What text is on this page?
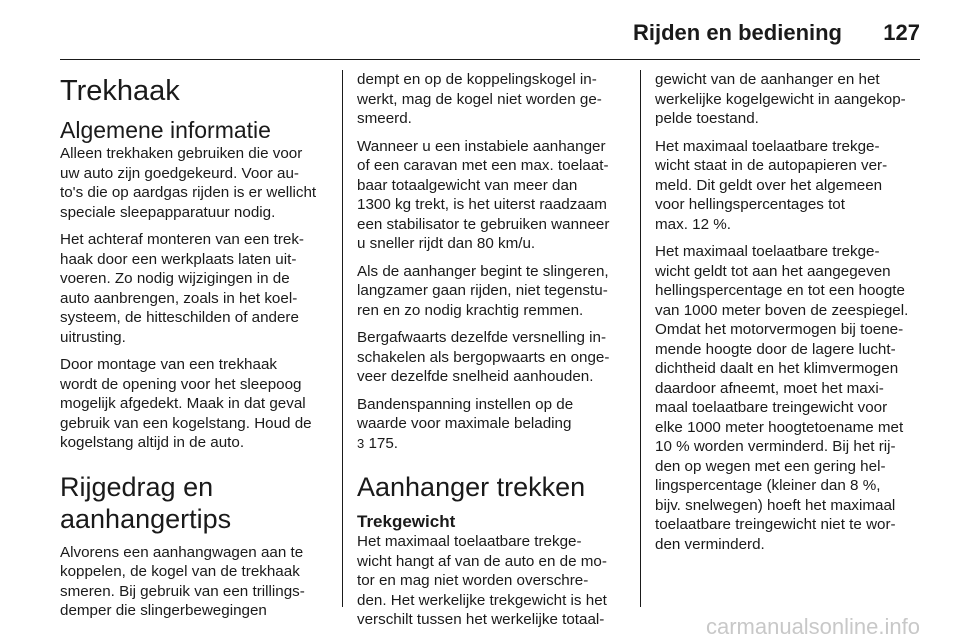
Rijden en bediening 127
Trekhaak
Algemene informatie

Alleen trekhaken gebruiken die voor
uw auto zijn goedgekeurd. Voor au-
to's die op aardgas rijden is er wellicht
speciale sleepapparatuur nodig.

Het achteraf monteren van een trek-
haak door een werkplaats laten uit-
voeren. Zo nodig wijzigingen in de
auto aanbrengen, zoals in het koel-
systeem, de hitteschilden of andere
uitrusting.

Door montage van een trekhaak
wordt de opening voor het sleepoog
mogelijk afgedekt. Maak in dat geval
gebruik van een kogelstang. Houd de
kogelstang altijd in de auto.

Rijgedrag en
aanhangertips

Alvorens een aanhangwagen aan te
koppelen, de kogel van de trekhaak
smeren. Bij gebruik van een trillings-
demper die slingerbewegingen

dempt en op de koppelingskogel in-
werkt, mag de kogel niet worden ge-
smeerd.

Wanneer u een instabiele aanhanger
of een caravan met een max. toelaat-
baar totaalgewicht van meer dan
1300 kg trekt, is het uiterst raadzaam
een stabilisator te gebruiken wanneer
u sneller rijdt dan 80 km/u.

Als de aanhanger begint te slingeren,
langzamer gaan rijden, niet tegenstu-
ren en zo nodig krachtig remmen.

Bergafwaarts dezelfde versnelling in-
schakelen als bergopwaarts en onge-
veer dezelfde snelheid aanhouden.

Bandenspanning instellen op de
waarde voor maximale belading

3 175.

Aanhanger trekken
Trekgewicht

Het maximaal toelaatbare trekge-
wicht hangt af van de auto en de mo-
tor en mag niet worden overschre-
den. Het werkelijke trekgewicht is het
verschilt tussen het werkelijke totaal-

gewicht van de aanhanger en het
werkelijke kogelgewicht in aangekop-
pelde toestand.

Het maximaal toelaatbare trekge-
wicht staat in de autopapieren ver-
meld. Dit geldt over het algemeen
voor hellingspercentages tot
max. 12 %.

Het maximaal toelaatbare trekge-
wicht geldt tot aan het aangegeven
hellingspercentage en tot een hoogte
van 1000 meter boven de zeespiegel.
Omdat het motorvermogen bij toene-
mende hoogte door de lagere lucht-
dichtheid daalt en het klimvermogen
daardoor afneemt, moet het maxi-
maal toelaatbare treingewicht voor
elke 1000 meter hoogtetoename met
10 % worden verminderd. Bij het rij-
den op wegen met een gering hel-
lingspercentage (kleiner dan 8 %,
bijv. snelwegen) hoeft het maximaal
toelaatbare treingewicht niet te wor-
den verminderd.

carmanualsonline.info
